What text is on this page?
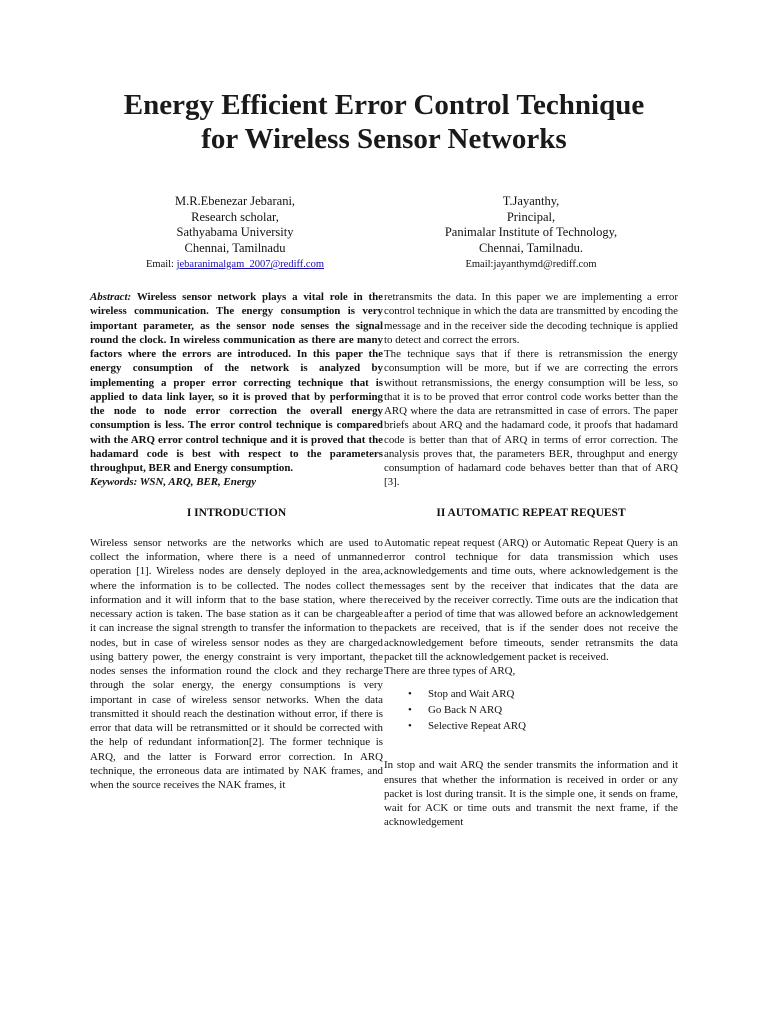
Energy Efficient Error Control Technique
for Wireless Sensor Networks
M.R.Ebenezar Jebarani,
Research scholar,
Sathyabama University
Chennai, Tamilnadu
Email: jebaranimalgam_2007@rediff.com
T.Jayanthy,
Principal,
Panimalar Institute of Technology,
Chennai, Tamilnadu.
Email:jayanthymd@rediff.com

Abstract: Wireless sensor network plays a vital role in the wireless communication. The energy consumption is very important parameter, as the sensor node senses the signal round the clock. In wireless communication as there are many factors where the errors are introduced. In this paper the energy consumption of the network is analyzed by implementing a proper error correcting technique that is applied to data link layer, so it is proved that by performing the node to node error correction the overall energy consumption is less. The error control technique is compared with the ARQ error control technique and it is proved that the hadamard code is best with respect to the parameters throughput, BER and Energy consumption.

Keywords: WSN, ARQ, BER, Energy

I INTRODUCTION

Wireless sensor networks are the networks which are used to collect the information, where there is a need of unmanned operation [1]. Wireless nodes are densely deployed in the area, where the information is to be collected. The nodes collect the information and it will inform that to the base station, where the necessary action is taken. The base station as it can be chargeable it can increase the signal strength to transfer the information to the nodes, but in case of wireless sensor nodes as they are charged using battery power, the energy constraint is very important, the nodes senses the information round the clock and they recharge through the solar energy, the energy consumptions is very important in case of wireless sensor networks. When the data transmitted it should reach the destination without error, if there is error that data will be retransmitted or it should be corrected with the help of redundant information[2]. The former technique is ARQ, and the latter is Forward error correction. In ARQ technique, the erroneous data are intimated by NAK frames, and when the source receives the NAK frames, it

retransmits the data. In this paper we are implementing a error control technique in which the data are transmitted by encoding the message and in the receiver side the decoding technique is applied to detect and correct the errors.

The technique says that if there is retransmission the energy consumption will be more, but if we are correcting the errors without retransmissions, the energy consumption will be less, so that it is to be proved that error control code works better than the ARQ where the data are retransmitted in case of errors. The paper briefs about ARQ and the hadamard code, it proofs that hadamard code is better than that of ARQ in terms of error correction. The analysis proves that, the parameters BER, throughput and energy consumption of hadamard code behaves better than that of ARQ [3].

II AUTOMATIC REPEAT REQUEST

Automatic repeat request (ARQ) or Automatic Repeat Query is an error control technique for data transmission which uses acknowledgements and time outs, where acknowledgement is the messages sent by the receiver that indicates that the data are received by the receiver correctly. Time outs are the indication that after a period of time that was allowed before an acknowledgement packets are received, that is if the sender does not receive the acknowledgement before timeouts, sender retransmits the data packet till the acknowledgement packet is received.

There are three types of ARQ,

• Stop and Wait ARQ
• Go Back N ARQ
• Selective Repeat ARQ

In stop and wait ARQ the sender transmits the information and it ensures that whether the information is received in order or any packet is lost during transit. It is the simple one, it sends on frame, wait for ACK or time outs and transmit the next frame, if the acknowledgement
